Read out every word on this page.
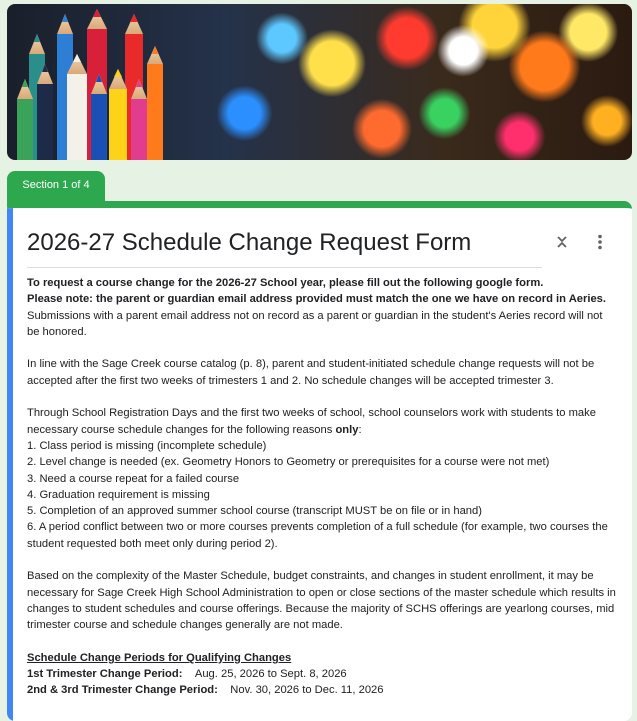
Section 1 of 4
2026-27 Schedule Change Request Form

To request a course change for the 2026-27 School year, please fill out the following google form.

Please note: the parent or guardian email address provided must match the one we have on record in Aeries.

Submissions with a parent email address not on record as a parent or guardian in the student's Aeries record will not be honored.

In line with the Sage Creek course catalog (p. 8), parent and student-initiated schedule change requests will not be accepted after the first two weeks of trimesters 1 and 2. No schedule changes will be accepted trimester 3.

Through School Registration Days and the first two weeks of school, school counselors work with students to make necessary course schedule changes for the following reasons only:

1. Class period is missing (incomplete schedule)

2. Level change is needed (ex. Geometry Honors to Geometry or prerequisites for a course were not met)

3. Need a course repeat for a failed course

4. Graduation requirement is missing

5. Completion of an approved summer school course (transcript MUST be on file or in hand)

6. A period conflict between two or more courses prevents completion of a full schedule (for example, two courses the student requested both meet only during period 2).

Based on the complexity of the Master Schedule, budget constraints, and changes in student enrollment, it may be necessary for Sage Creek High School Administration to open or close sections of the master schedule which results in changes to student schedules and course offerings. Because the majority of SCHS offerings are yearlong courses, mid trimester course and schedule changes generally are not made.

Schedule Change Periods for Qualifying Changes

1st Trimester Change Period: Aug. 25, 2026 to Sept. 8, 2026

2nd & 3rd Trimester Change Period: Nov. 30, 2026 to Dec. 11, 2026
